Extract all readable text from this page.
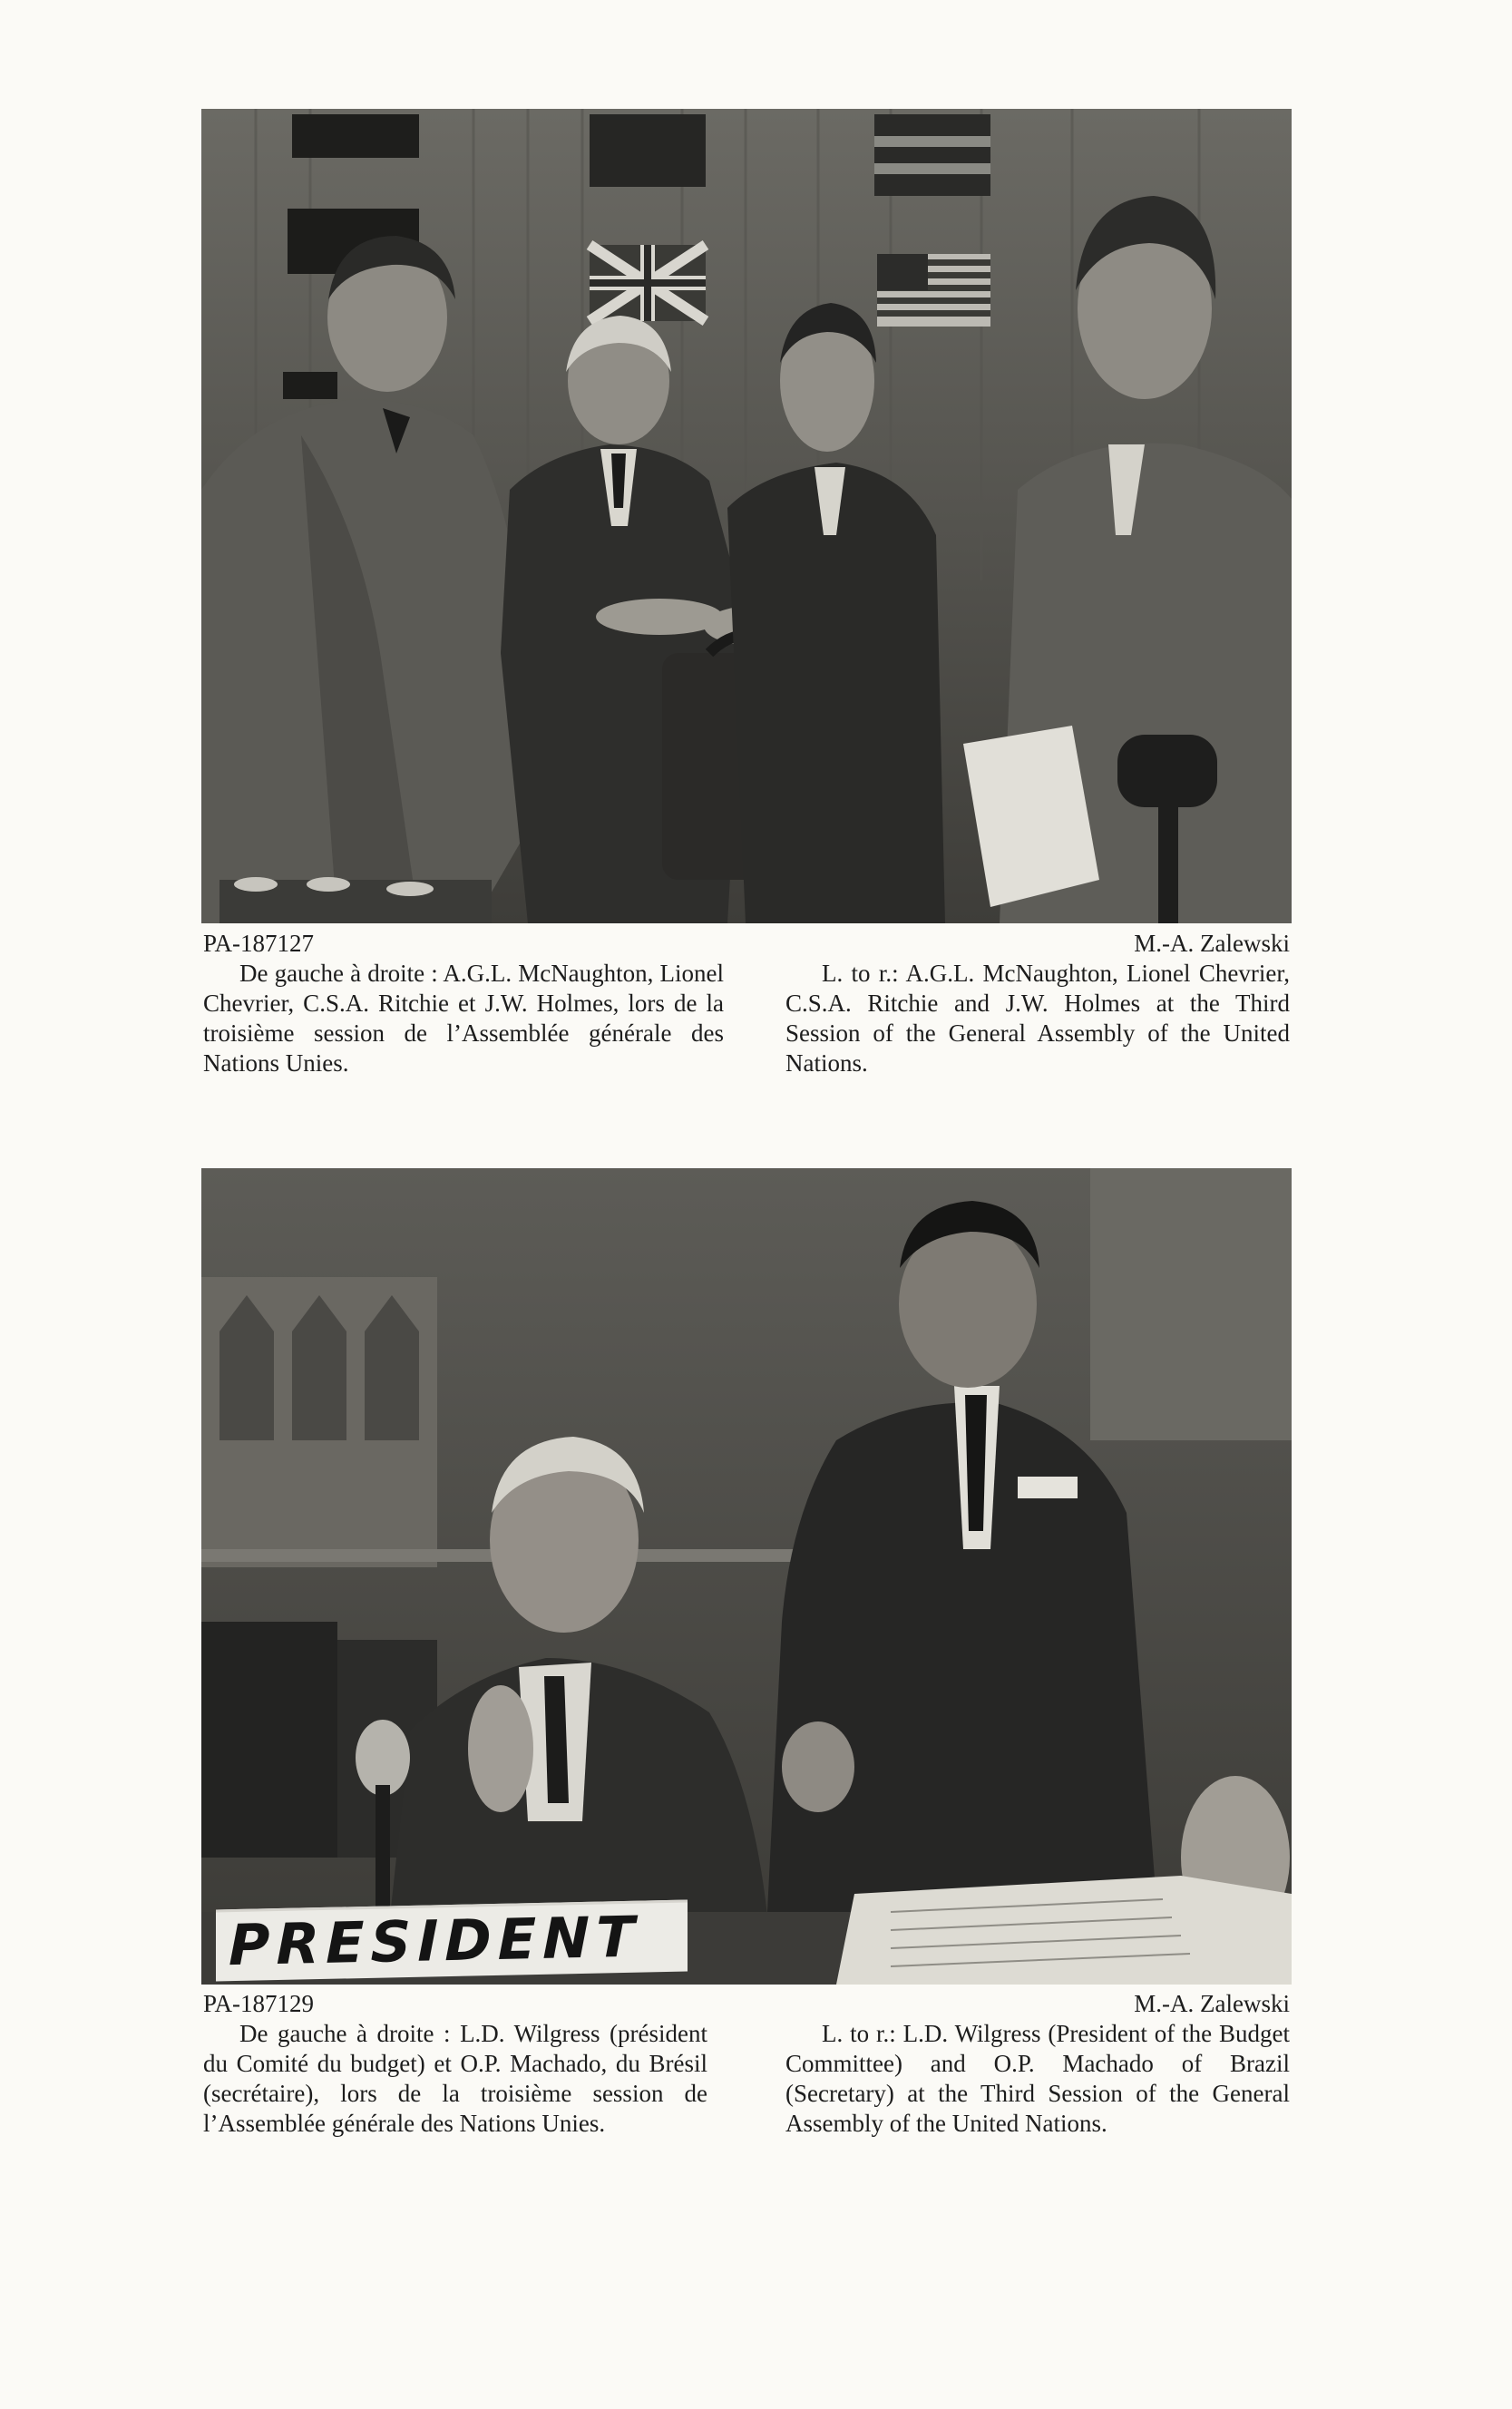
PA-187127	M.-A. Zalewski

De gauche à droite : A.G.L. McNaughton, Lionel Chevrier, C.S.A. Ritchie et J.W. Holmes, lors de la troisième session de l’Assemblée générale des Nations Unies.

L. to r.: A.G.L. McNaughton, Lionel Chevrier, C.S.A. Ritchie and J.W. Holmes at the Third Session of the General Assembly of the United Nations.

PRESIDENT
PA-187129	M.-A. Zalewski

De gauche à droite : L.D. Wilgress (président du Comité du budget) et O.P. Machado, du Brésil (secrétaire), lors de la troisième session de l’Assemblée générale des Nations Unies.

L. to r.: L.D. Wilgress (President of the Budget Committee) and O.P. Machado of Brazil (Secretary) at the Third Session of the General Assembly of the United Nations.
